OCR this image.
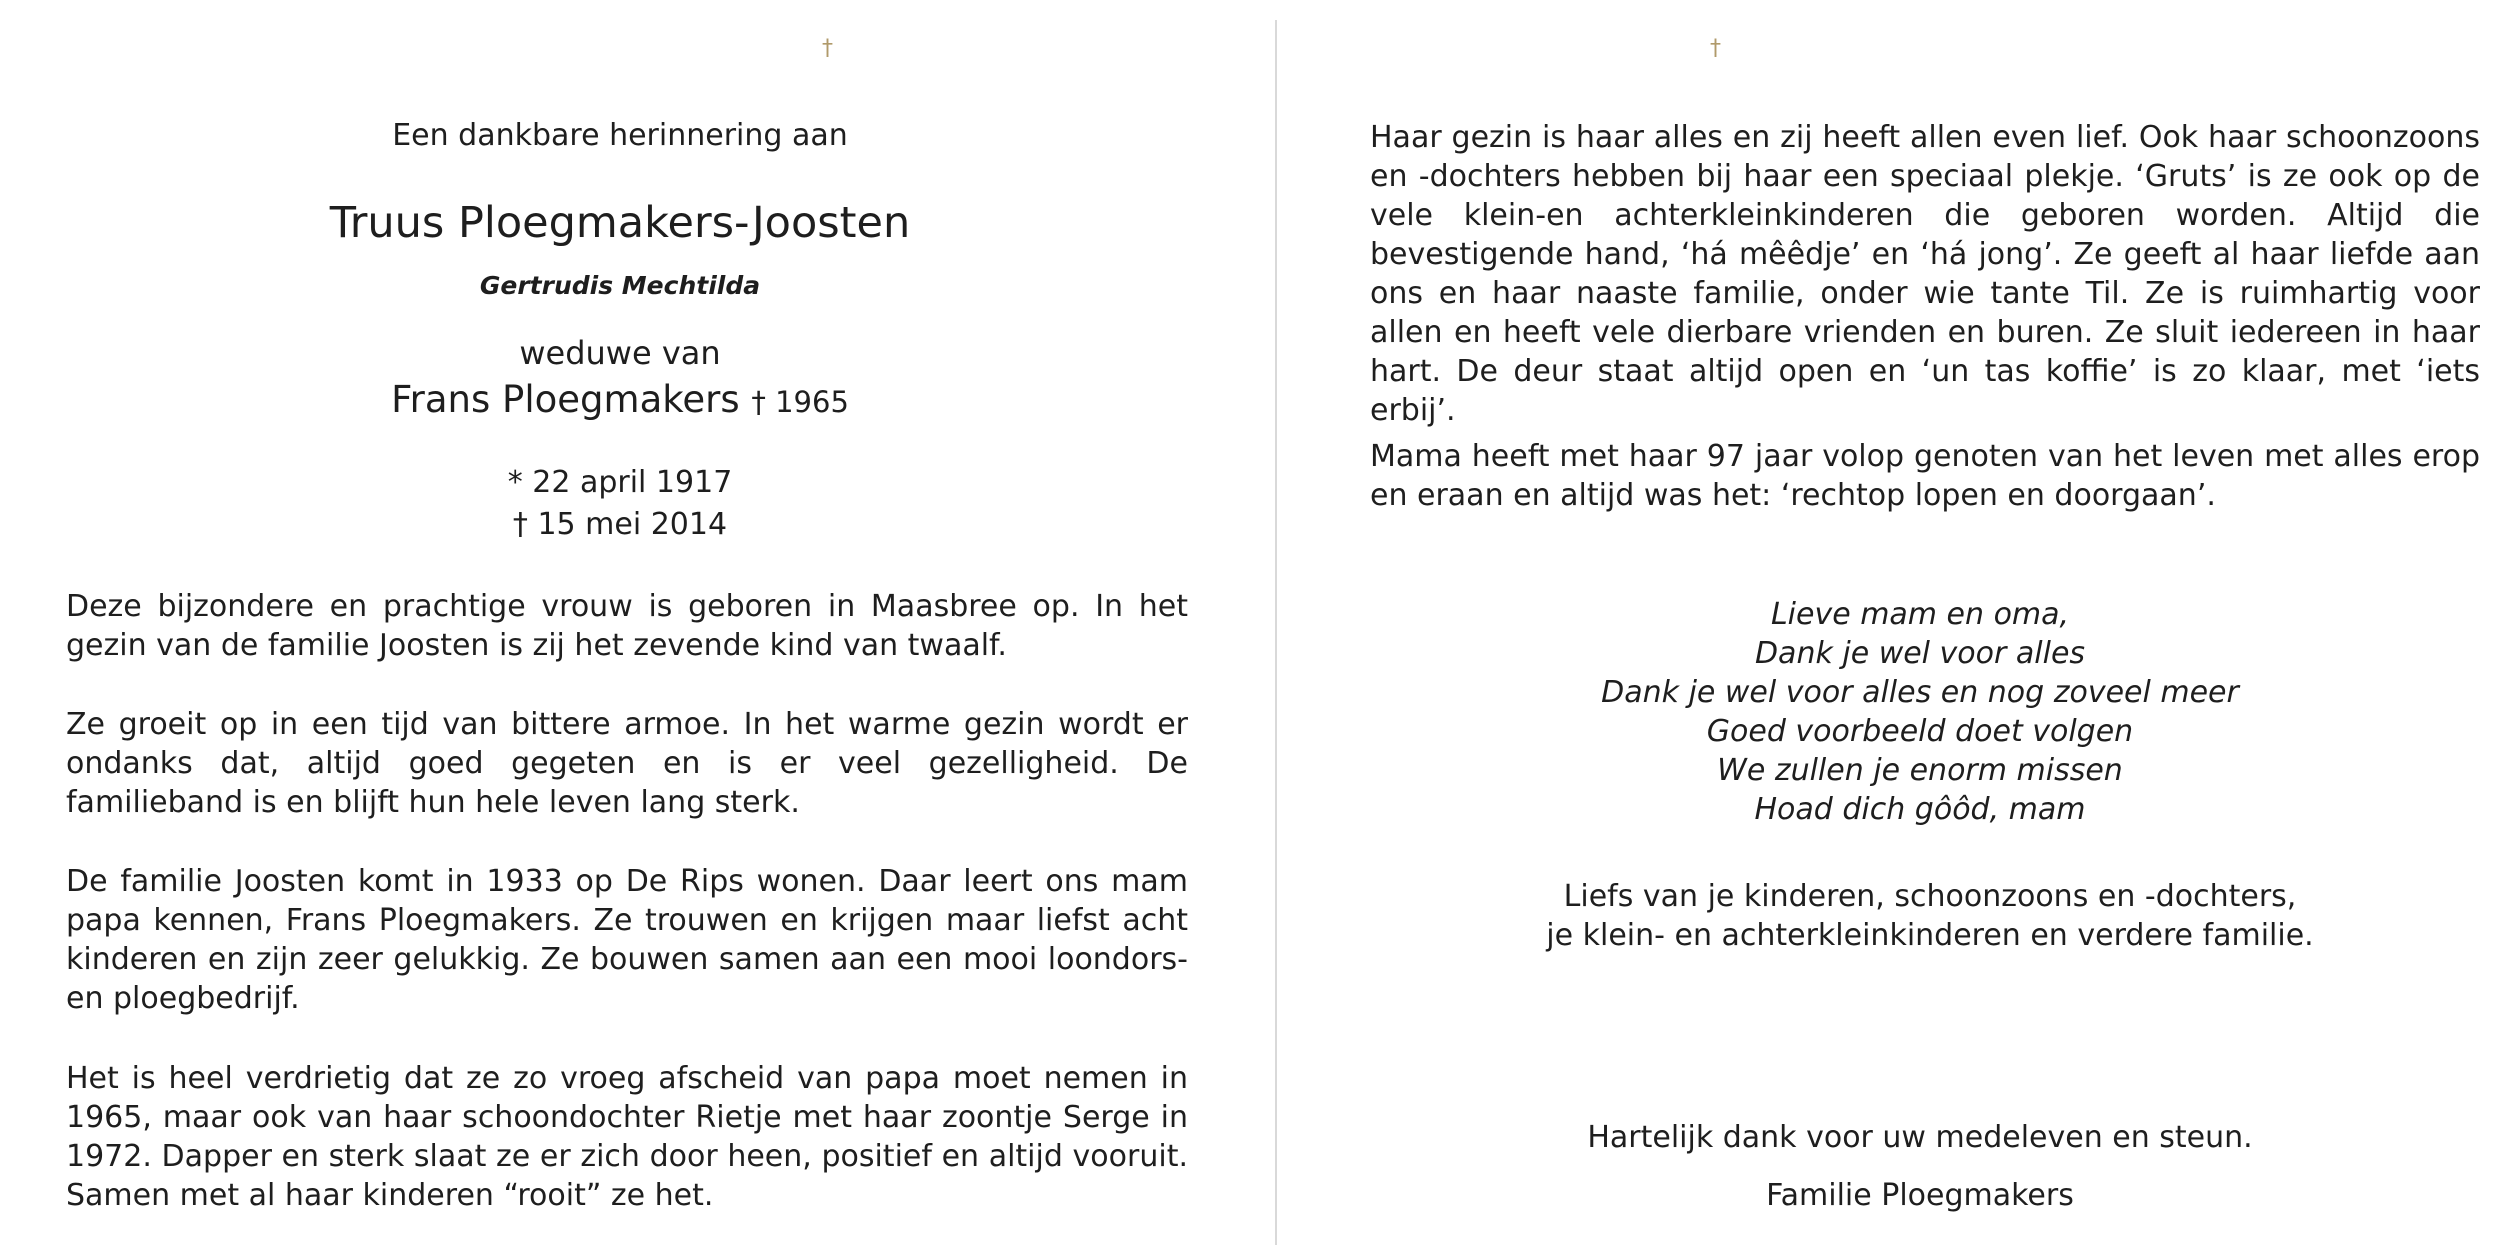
†
Een dankbare herinnering aan
Truus Ploegmakers-Joosten
Gertrudis Mechtilda
weduwe van
Frans Ploegmakers † 1965
* 22 april 1917
† 15 mei 2014
Deze bijzondere en prachtige vrouw is geboren in Maasbree op. In het gezin van de familie Joosten is zij het zevende kind van twaalf.
Ze groeit op in een tijd van bittere armoe. In het warme gezin wordt er ondanks dat, altijd goed gegeten en is er veel gezelligheid. De familieband is en blijft hun hele leven lang sterk.
De familie Joosten komt in 1933 op De Rips wonen. Daar leert ons mam papa kennen, Frans Ploegmakers. Ze trouwen en krijgen maar liefst acht kinderen en zijn zeer gelukkig. Ze bouwen samen aan een mooi loondors- en ploegbedrijf.
Het is heel verdrietig dat ze zo vroeg afscheid van papa moet nemen in 1965, maar ook van haar schoondochter Rietje met haar zoontje Serge in 1972. Dapper en sterk slaat ze er zich door heen, positief en altijd vooruit. Samen met al haar kinderen “rooit” ze het.
†
Haar gezin is haar alles en zij heeft allen even lief. Ook haar schoonzoons en -dochters hebben bij haar een speciaal plekje. ‘Gruts’ is ze ook op de vele klein-en achterkleinkinderen die geboren worden. Altijd die bevestigende hand, ‘há mêêdje’ en ‘há jong’. Ze geeft al haar liefde aan ons en haar naaste familie, onder wie tante Til. Ze is ruimhartig voor allen en heeft vele dierbare vrienden en buren. Ze sluit iedereen in haar hart. De deur staat altijd open en ‘un tas koffie’ is zo klaar, met ‘iets erbij’.
Mama heeft met haar 97 jaar volop genoten van het leven met alles erop en eraan en altijd was het: ‘rechtop lopen en doorgaan’.
Lieve mam en oma,
Dank je wel voor alles
Dank je wel voor alles en nog zoveel meer
Goed voorbeeld doet volgen
We zullen je enorm missen
Hoad dich gôôd, mam
Liefs van je kinderen, schoonzoons en -dochters,
je klein- en achterkleinkinderen en verdere familie.
Hartelijk dank voor uw medeleven en steun.
Familie Ploegmakers
